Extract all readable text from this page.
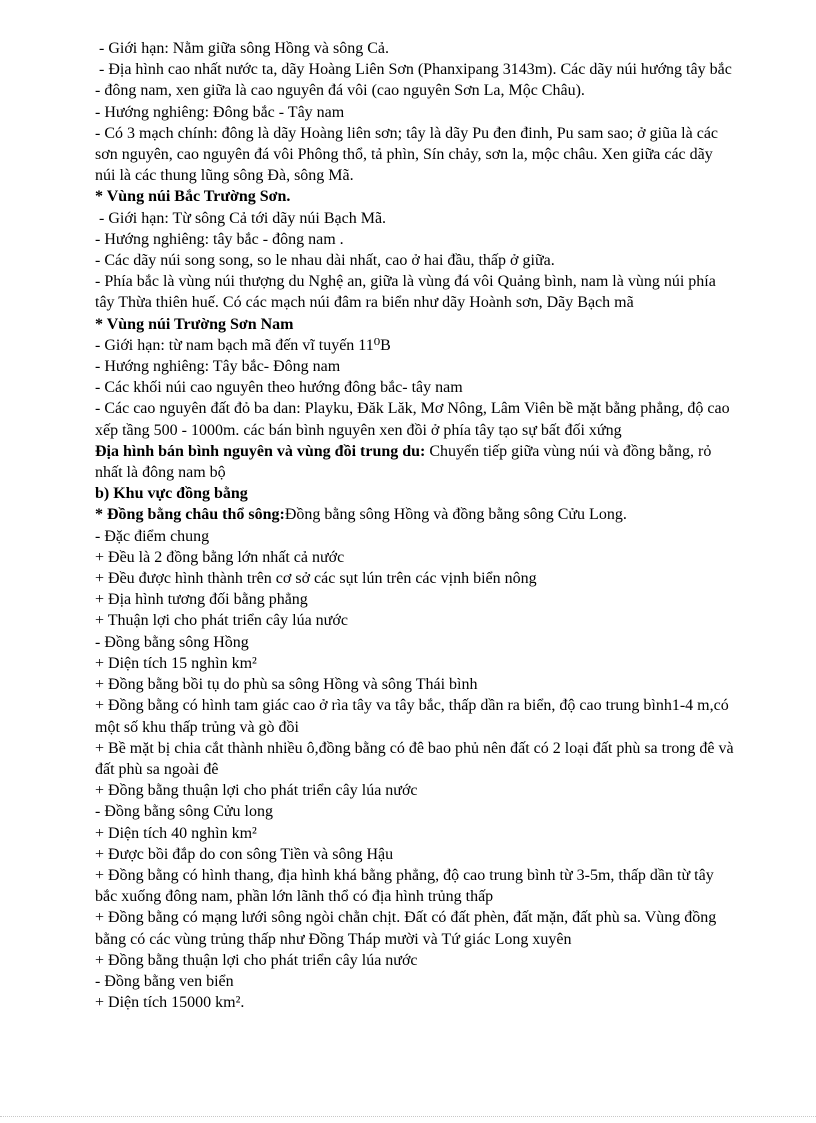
- Giới hạn: Nằm giữa sông Hồng và sông Cả.
- Địa hình cao nhất nước ta, dãy Hoàng Liên Sơn (Phanxipang 3143m). Các dãy núi hướng tây bắc - đông nam, xen giữa là cao nguyên đá vôi (cao nguyên Sơn La, Mộc Châu).
- Hướng nghiêng: Đông bắc - Tây nam
- Có 3 mạch chính: đông là dãy Hoàng liên sơn; tây là dãy Pu đen đinh, Pu sam sao; ở giũa là các sơn nguyên, cao nguyên đá vôi Phông thổ, tả phìn, Sín chảy, sơn la, mộc châu. Xen giữa các dãy núi là các thung lũng sông Đà, sông Mã.
* Vùng núi Bắc Trường Sơn.
- Giới hạn: Từ sông Cả tới dãy núi Bạch Mã.
- Hướng nghiêng: tây bắc - đông nam .
- Các dãy núi song song, so le nhau dài nhất, cao ở hai đầu, thấp ở giữa.
- Phía bắc là vùng núi thượng du Nghệ an, giữa là vùng đá vôi Quảng bình, nam là vùng núi phía tây Thừa thiên huế. Có các mạch núi đâm ra biển như dãy Hoành sơn, Dãy Bạch mã
* Vùng núi Trường Sơn Nam
- Giới hạn: từ nam bạch mã đến vĩ tuyến 11⁰B
- Hướng nghiêng: Tây bắc- Đông nam
- Các khối núi cao nguyên theo hướng đông bắc- tây nam
- Các cao nguyên đất đỏ ba dan: Playku, Đăk Lăk, Mơ Nông, Lâm Viên bề mặt bằng phẳng, độ cao xếp tầng 500 - 1000m. các bán bình nguyên xen đồi ở phía tây tạo sự bất đối xứng
Địa hình bán bình nguyên và vùng đồi trung du: Chuyển tiếp giữa vùng núi và đồng bằng, rỏ nhất là đông nam bộ
b) Khu vực đồng bằng
* Đồng bằng châu thổ sông:Đồng bằng sông Hồng và đồng bằng sông Cửu Long.
- Đặc điểm chung
+ Đều là 2 đồng bằng lớn nhất cả nước
+ Đều được hình thành trên cơ sở các sụt lún trên các vịnh biển nông
+ Địa hình tương đối bằng phẳng
+ Thuận lợi cho phát triển cây lúa nước
- Đồng bằng sông Hồng
+ Diện tích 15 nghìn km²
+ Đồng bằng bồi tụ do phù sa sông Hồng và sông Thái bình
+ Đồng bằng có hình tam giác cao ở rìa tây va tây bắc, thấp dần ra biển, độ cao trung bình1-4 m,có một số khu thấp trủng và gò đồi
+ Bề mặt bị chia cắt thành nhiều ô,đồng bằng có đê bao phủ nên đất có 2 loại đất phù sa trong đê và đất phù sa ngoài đê
+ Đồng bằng thuận lợi cho phát triển cây lúa nước
- Đồng bằng sông Cửu long
+ Diện tích 40 nghìn km²
+ Được bồi đắp do con sông Tiền và sông Hậu
+ Đồng bằng có hình thang, địa hình khá bằng phẳng, độ cao trung bình từ 3-5m, thấp dần từ tây bắc xuống đông nam, phần lớn lãnh thổ có địa hình trủng thấp
+ Đồng bằng có mạng lưới sông ngòi chằn chịt. Đất có đất phèn, đất mặn, đất phù sa. Vùng đồng bằng có các vùng trủng thấp như Đồng Tháp mười và Tứ giác Long xuyên
+ Đồng bằng thuận lợi cho phát triển cây lúa nước
- Đồng bằng ven biển
+ Diện tích 15000 km².
